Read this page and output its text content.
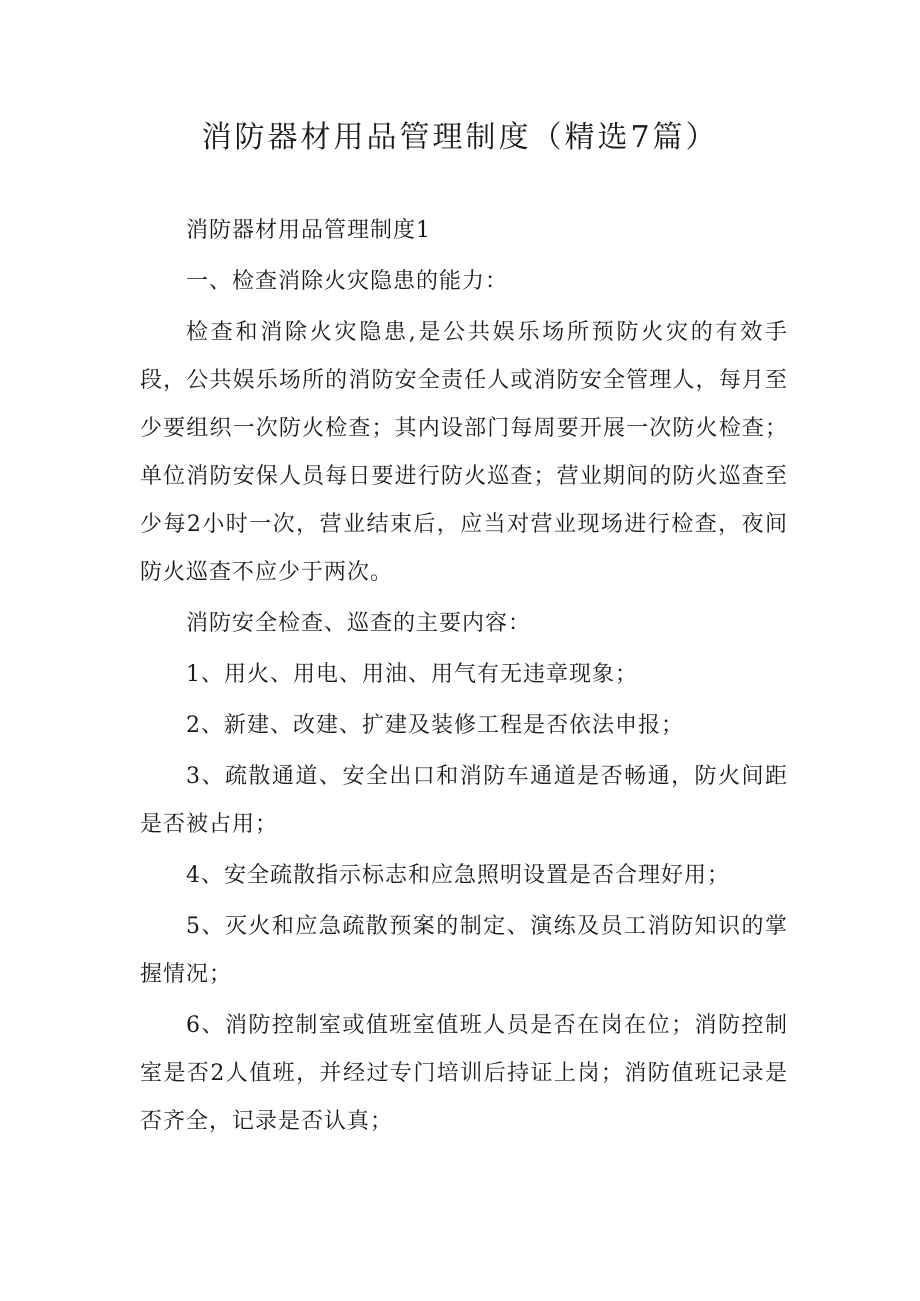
消防器材用品管理制度（精选7篇）

消防器材用品管理制度1

一、检查消除火灾隐患的能力：

检查和消除火灾隐患,是公共娱乐场所预防火灾的有效手段，公共娱乐场所的消防安全责任人或消防安全管理人，每月至少要组织一次防火检查；其内设部门每周要开展一次防火检查；单位消防安保人员每日要进行防火巡查；营业期间的防火巡查至少每2小时一次，营业结束后，应当对营业现场进行检查，夜间防火巡查不应少于两次。

消防安全检查、巡查的主要内容：

1、用火、用电、用油、用气有无违章现象；

2、新建、改建、扩建及装修工程是否依法申报；

3、疏散通道、安全出口和消防车通道是否畅通，防火间距是否被占用；

4、安全疏散指示标志和应急照明设置是否合理好用；

5、灭火和应急疏散预案的制定、演练及员工消防知识的掌握情况；

6、消防控制室或值班室值班人员是否在岗在位；消防控制室是否2人值班，并经过专门培训后持证上岗；消防值班记录是否齐全，记录是否认真；
